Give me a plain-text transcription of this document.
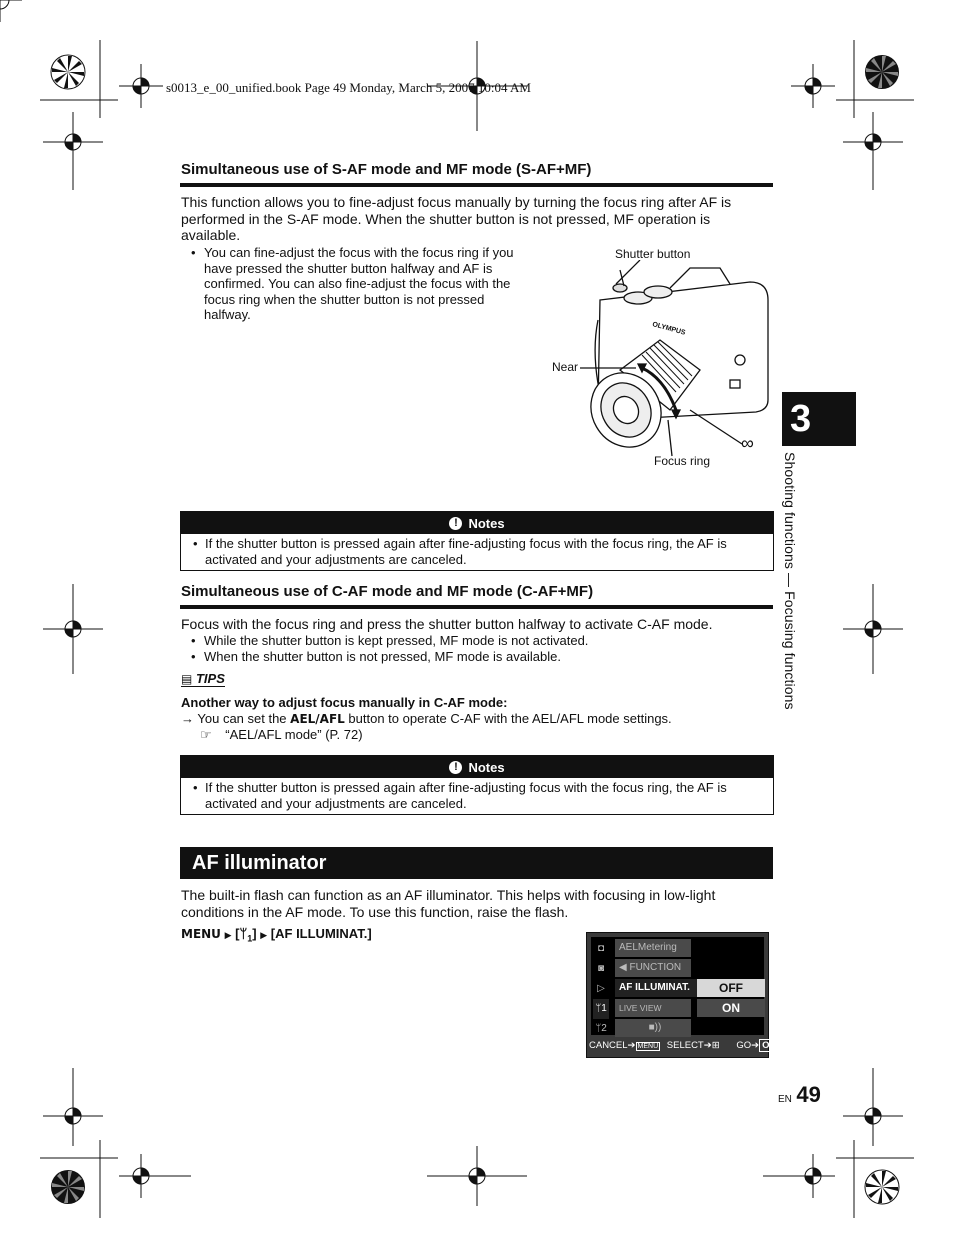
s0013_e_00_unified.book Page 49 Monday, March 5, 2007 10:04 AM
Simultaneous use of S-AF mode and MF mode (S-AF+MF)
This function allows you to fine-adjust focus manually by turning the focus ring after AF is performed in the S-AF mode. When the shutter button is not pressed, MF operation is available.
• You can fine-adjust the focus with the focus ring if you have pressed the shutter button halfway and AF is confirmed. You can also fine-adjust the focus with the focus ring when the shutter button is not pressed halfway.
Shutter button
Near
∞
Focus ring
OLYMPUS
! Notes
• If the shutter button is pressed again after fine-adjusting focus with the focus ring, the AF is activated and your adjustments are canceled.
Simultaneous use of C-AF mode and MF mode (C-AF+MF)
Focus with the focus ring and press the shutter button halfway to activate C-AF mode.
• While the shutter button is kept pressed, MF mode is not activated.
• When the shutter button is not pressed, MF mode is available.
▤ TIPS
Another way to adjust focus manually in C-AF mode:
→ You can set the AEL/AFL button to operate C-AF with the AEL/AFL mode settings.
☞ “AEL/AFL mode” (P. 72)
! Notes
• If the shutter button is pressed again after fine-adjusting focus with the focus ring, the AF is activated and your adjustments are canceled.
AF illuminator
The built-in flash can function as an AF illuminator. This helps with focusing in low-light conditions in the AF mode. To use this function, raise the flash.
MENU ▶ [ᛘ$_1$] ▶ [AF ILLUMINAT.]
◘
◙
▷
ᛘ1
ᛘ2
AELMetering
◀ FUNCTION
AF ILLUMINAT.
LIVE VIEW
■))
OFF
ON
CANCEL➔ MENU SELECT➔⊞ GO➔ OK
3
Shooting functions — Focusing functions
EN 49
